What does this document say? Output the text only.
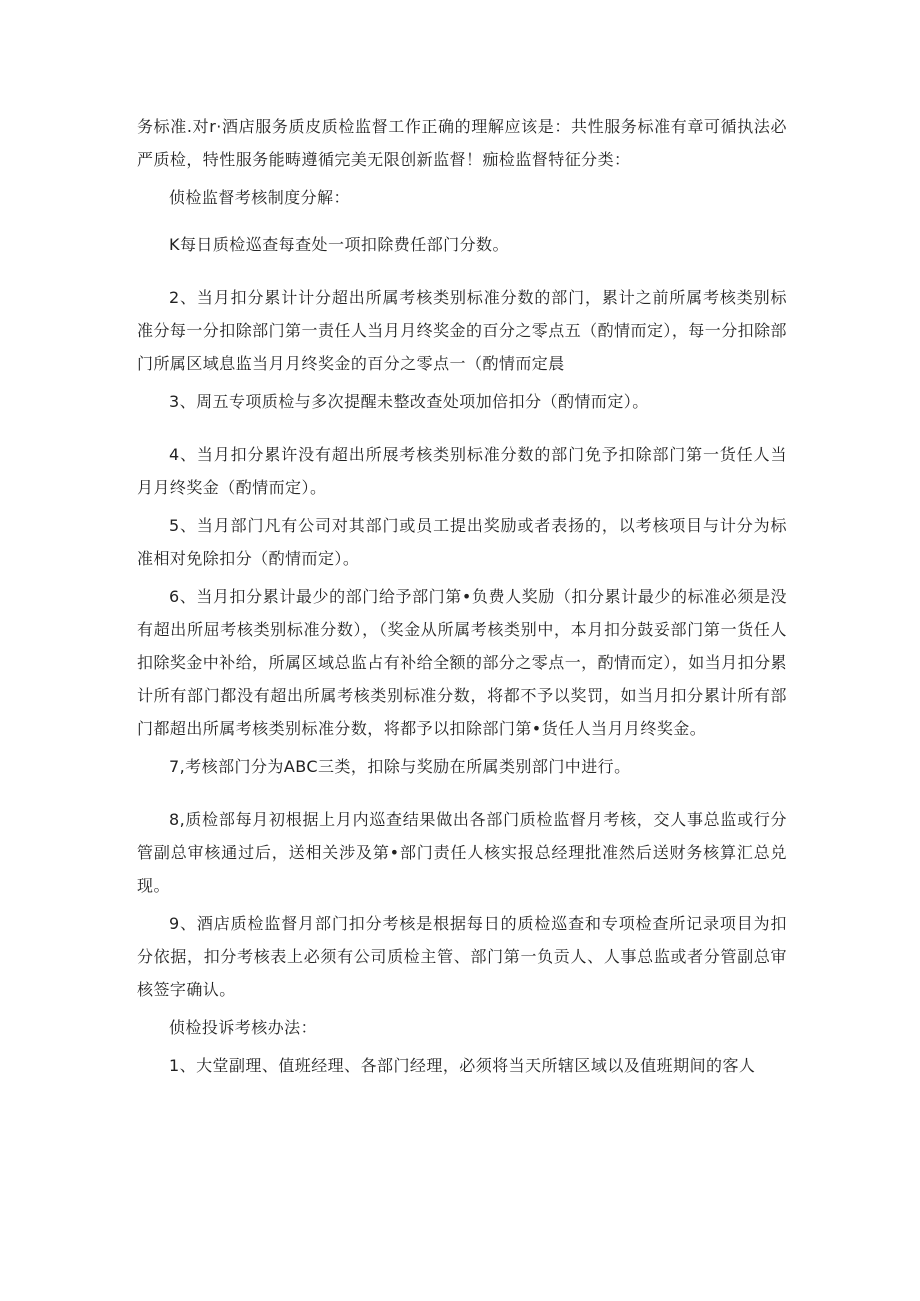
务标准.对r·酒店服务质皮质检监督工作正确的理解应该是：共性服务标准有章可循执法必严质检，特性服务能畴遵循完美无限创新监督！痂检监督特征分类：

侦检监督考核制度分解：

K每日质检巡查每查处一项扣除费任部门分数。

2、当月扣分累计计分超出所属考核类别标准分数的部门，累计之前所属考核类别标准分每一分扣除部门第一责任人当月月终奖金的百分之零点五（酌情而定），每一分扣除部门所属区域息监当月月终奖金的百分之零点一（酌情而定晨

3、周五专项质检与多次提醒未整改查处项加倍扣分（酌情而定）。

4、当月扣分累许没有超出所展考核类别标准分数的部门免予扣除部门第一货任人当月月终奖金（酌情而定）。

5、当月部门凡有公司对其部门或员工提出奖励或者表扬的，以考核项目与计分为标准相对免除扣分（酌情而定）。

6、当月扣分累计最少的部门给予部门第•负费人奖励（扣分累计最少的标准必须是没有超出所屈考核类别标准分数），（奖金从所属考核类别中，本月扣分鼓妥部门第一货任人扣除奖金中补给，所属区域总监占有补给全额的部分之零点一，酌情而定），如当月扣分累计所有部门都没有超出所属考核类别标准分数，将都不予以奖罚，如当月扣分累计所有部门都超出所属考核类别标准分数，将都予以扣除部门第•货任人当月月终奖金。

7,考核部门分为ABC三类，扣除与奖励在所属类别部门中进行。

8,质检部每月初根据上月内巡查结果做出各部门质检监督月考核，交人事总监或行分管副总审核通过后，送相关涉及第•部门责任人核实报总经理批准然后送财务核算汇总兑现。

9、酒店质检监督月部门扣分考核是根据每日的质检巡查和专项检查所记录项目为扣分依据，扣分考核表上必须有公司质检主管、部门第一负贡人、人事总监或者分管副总审核签字确认。

侦检投诉考核办法：

1、大堂副理、值班经理、各部门经理，必须将当天所辖区域以及值班期间的客人
